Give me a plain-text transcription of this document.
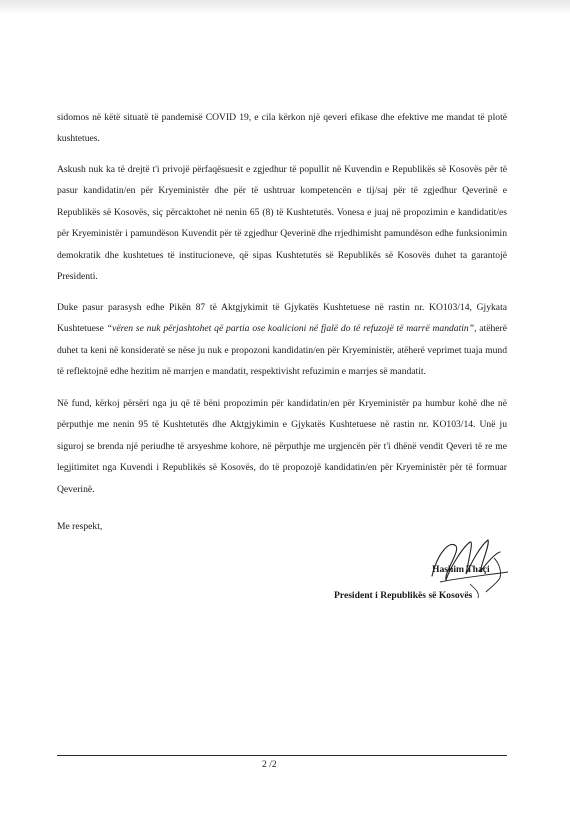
sidomos në këtë situatë të pandemisë COVID 19, e cila kërkon një qeveri efikase dhe efektive me mandat të plotë kushtetues.

Askush nuk ka të drejtë t'i privojë përfaqësuesit e zgjedhur të popullit në Kuvendin e Republikës së Kosovës për të pasur kandidatin/en për Kryeministër dhe për të ushtruar kompetencën e tij/saj për të zgjedhur Qeverinë e Republikës së Kosovës, siç përcaktohet në nenin 65 (8) të Kushtetutës. Vonesa e juaj në propozimin e kandidatit/es për Kryeministër i pamundëson Kuvendit për të zgjedhur Qeverinë dhe rrjedhimisht pamundëson edhe funksionimin demokratik dhe kushtetues të institucioneve, që sipas Kushtetutës së Republikës së Kosovës duhet ta garantojë Presidenti.

Duke pasur parasysh edhe Pikën 87 të Aktgjykimit të Gjykatës Kushtetuese në rastin nr. KO103/14, Gjykata Kushtetuese “vëren se nuk përjashtohet që partia ose koalicioni në fjalë do të refuzojë të marrë mandatin”, atëherë duhet ta keni në konsideratë se nëse ju nuk e propozoni kandidatin/en për Kryeministër, atëherë veprimet tuaja mund të reflektojnë edhe hezitim në marrjen e mandatit, respektivisht refuzimin e marrjes së mandatit.

Në fund, kërkoj përsëri nga ju që të bëni propozimin për kandidatin/en për Kryeministër pa humbur kohë dhe në përputhje me nenin 95 të Kushtetutës dhe Aktgjykimin e Gjykatës Kushtetuese në rastin nr. KO103/14. Unë ju siguroj se brenda një periudhe të arsyeshme kohore, në përputhje me urgjencën për t'i dhënë vendit Qeveri të re me legjitimitet nga Kuvendi i Republikës së Kosovës, do të propozojë kandidatin/en për Kryeministër për të formuar Qeverinë.

Me respekt,

Hashim Thaçi

President i Republikës së Kosovës

2 /2
